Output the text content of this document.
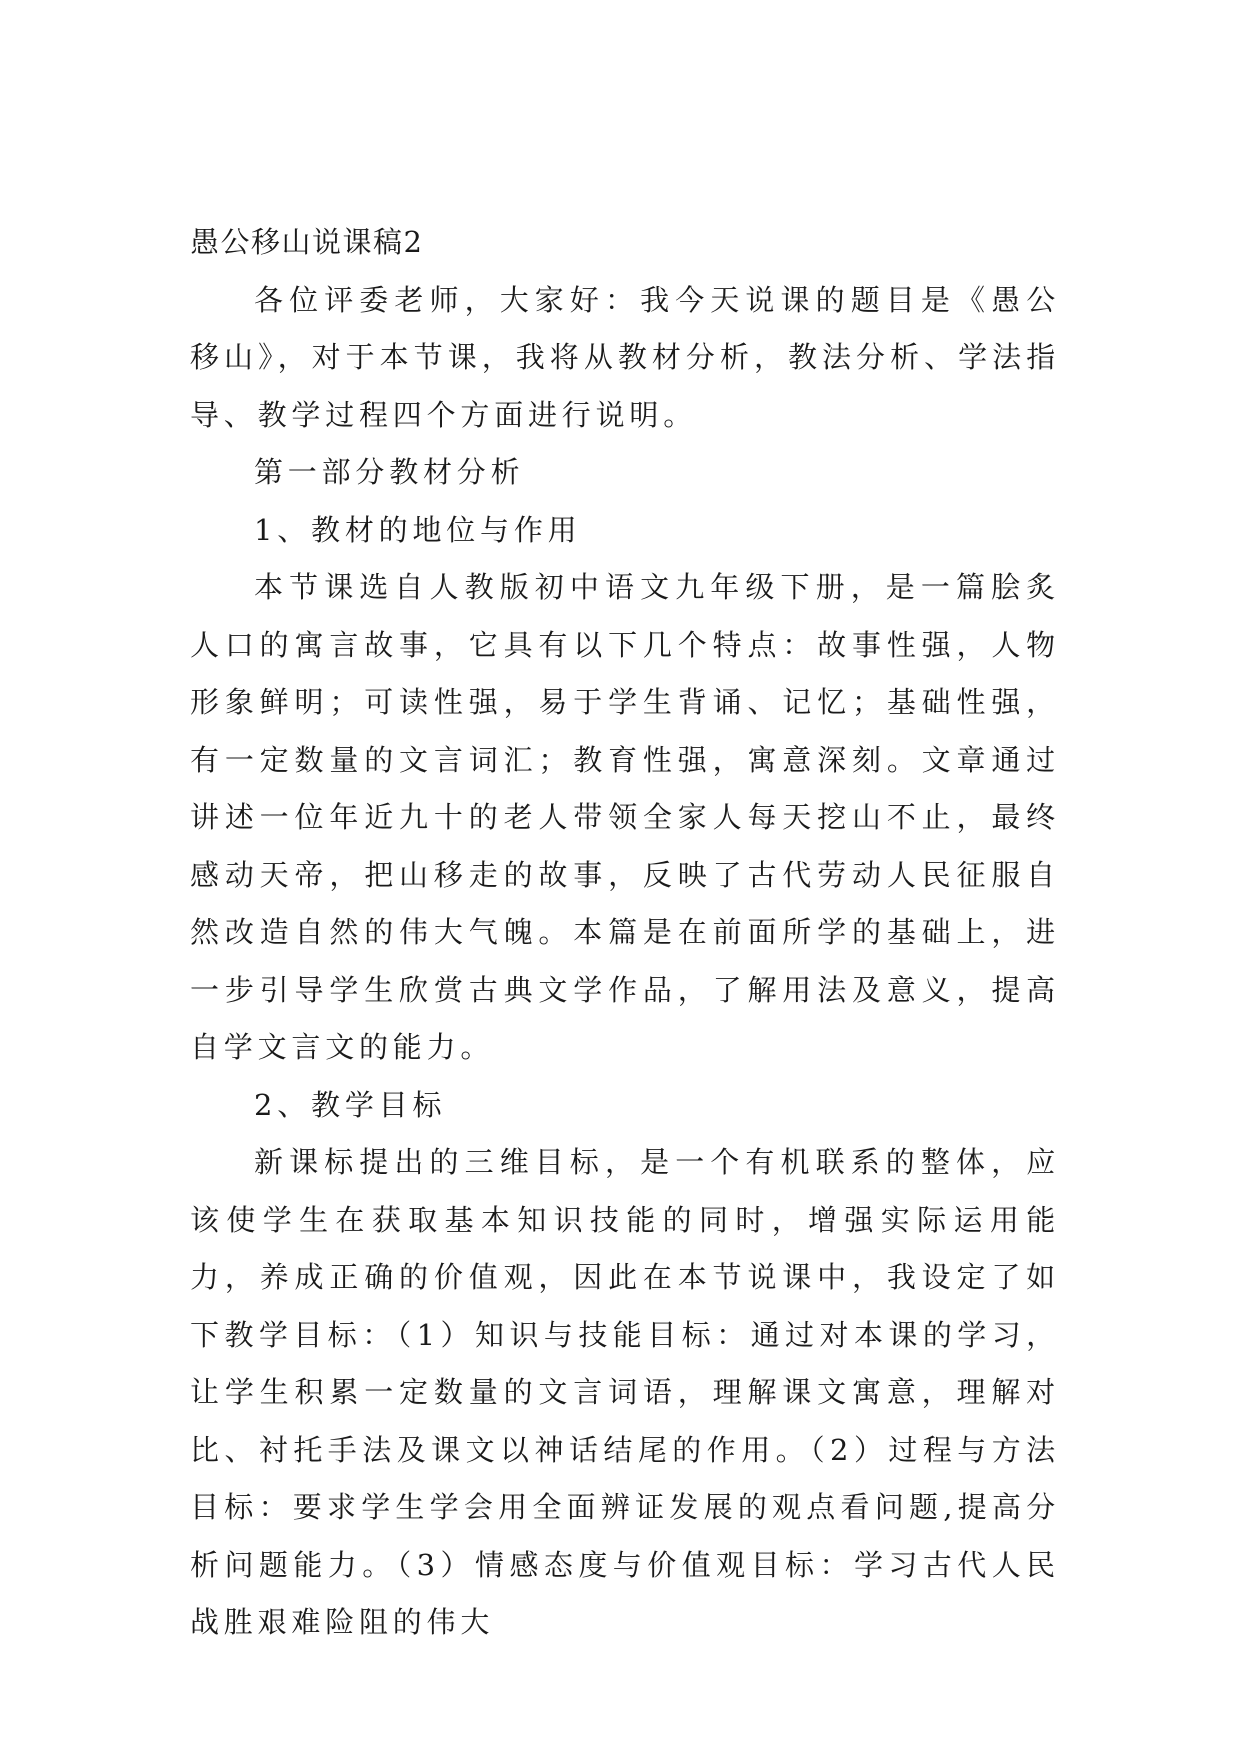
愚公移山说课稿2

各位评委老师，大家好：我今天说课的题目是《愚公移山》，对于本节课，我将从教材分析，教法分析、学法指导、教学过程四个方面进行说明。

第一部分教材分析

1、教材的地位与作用

本节课选自人教版初中语文九年级下册，是一篇脍炙人口的寓言故事，它具有以下几个特点：故事性强，人物形象鲜明；可读性强，易于学生背诵、记忆；基础性强，有一定数量的文言词汇；教育性强，寓意深刻。文章通过讲述一位年近九十的老人带领全家人每天挖山不止，最终感动天帝，把山移走的故事，反映了古代劳动人民征服自然改造自然的伟大气魄。本篇是在前面所学的基础上，进一步引导学生欣赏古典文学作品，了解用法及意义，提高自学文言文的能力。

2、教学目标

新课标提出的三维目标，是一个有机联系的整体，应该使学生在获取基本知识技能的同时，增强实际运用能力，养成正确的价值观，因此在本节说课中，我设定了如下教学目标：（1）知识与技能目标：通过对本课的学习，让学生积累一定数量的文言词语，理解课文寓意，理解对比、衬托手法及课文以神话结尾的作用。（2）过程与方法目标：要求学生学会用全面辨证发展的观点看问题,提高分析问题能力。（3）情感态度与价值观目标：学习古代人民战胜艰难险阻的伟大
